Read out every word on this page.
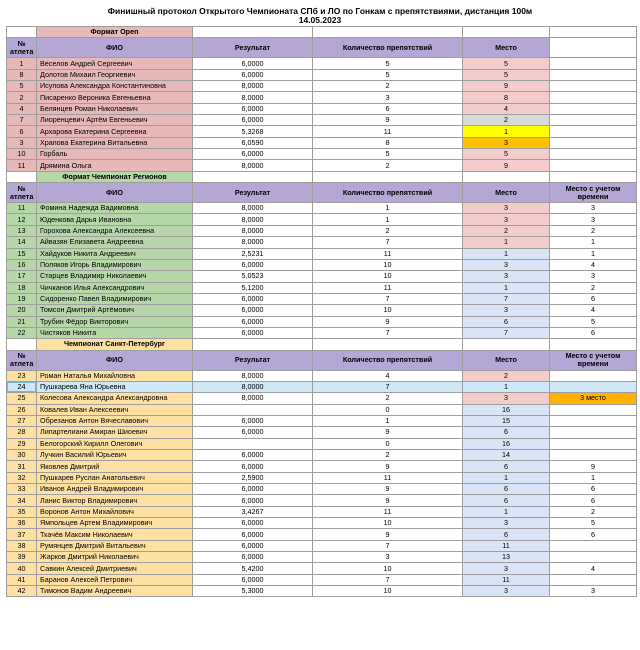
Финишный протокол Открытого Чемпионата СПб и ЛО по Гонкам с препятствиями, дистанция 100м
14.05.2023
	Формат Open				
№ атлета	ФИО	Результат	Количество препятствий	Место	
1	Веселов Андрей Сергеевич	6,0000	5	5	
8	Долотов Михаил Георгиевич	6,0000	5	5	
5	Исупова Александра Константиновна	8,0000	2	9	
2	Писаренко Вероника Евгеньевна	8,0000	3	8	
4	Белянцев Роман Николаевич	6,0000	6	4	
7	Лиоренцевич Артём Евгеньевич	6,0000	9	2	
6	Архарова Екатерина Сергеевна	5,3268	11	1	
3	Храпова Екатерина Витальевна	6,0590	8	3	
10	Горбаль	6,0000	5	5	
11	Дрямина Ольга	8,0000	2	9	
	Формат Чемпионат Регионов				
№ атлета	ФИО	Результат	Количество препятствий	Место	Место с учетом времени
11	Фомина Надежда Вадимовна	8,0000	1	3	3
12	Юденкова Дарья Ивановна	8,0000	1	3	3
13	Горохова Александра Алексеевна	8,0000	2	2	2
14	Айвазян Елизавета Андреевна	8,0000	7	1	1
15	Хайдуков Никита Андреевич	2,5231	11	1	1
16	Поляков Игорь Владимирович	6,0000	10	3	4
17	Старцев Владимир Николаевич	5,0523	10	3	3
18	Чичканов Илья Александрович	5,1200	11	1	2
19	Сидоренко Павел Владимирович	6,0000	7	7	6
20	Томсон Дмитрий Артёмович	6,0000	10	3	4
21	Трубин Фёдор Викторович	6,0000	9	6	5
22	Чистяков Никита	6,0000	7	7	6
	Чемпионат Санкт-Петербург				
№ атлета	ФИО	Результат	Количество препятствий	Место	Место с учетом времени
23	Роман Наталья Михайловна	8,0000	4	2	
24	Пушкарева Яна Юрьевна	8,0000	7	1	
25	Колесова Александра Александровна	8,0000	2	3	3 место
26	Ковалев Иван Алексеевич		0	16	
27	Обрезанов Антон Вячеславович	6,0000	1	15	
28	Липартелиани Амиран Шиоевич	6,0000	9	6	
29	Белогорский Кирилл Олегович		0	16	
30	Лучкин Василий Юрьевич	6,0000	2	14	
31	Яковлев Дмитрий	6,0000	9	6	9
32	Пушкарев Руслан Анатольевич	2,5900	11	1	1
33	Иванов Андрей Владимирович	6,0000	9	6	6
34	Ланис Виктор Владимирович	6,0000	9	6	6
35	Воронов Антон Михайлович	3,4267	11	1	2
36	Ямпольцев Артем Владимирович	6,0000	10	3	5
37	Ткачёв Максим Николаевич	6,0000	9	6	6
38	Румянцев Дмитрий Витальевич	6,0000	7	11	
39	Жарков Дмитрий Николаевич	6,0000	3	13	
40	Савкин Алексей Дмитриевич	5,4200	10	3	4
41	Баранов Алексей Петрович	6,0000	7	11	
42	Тимонов Вадим Андреевич	5,3000	10	3	3
